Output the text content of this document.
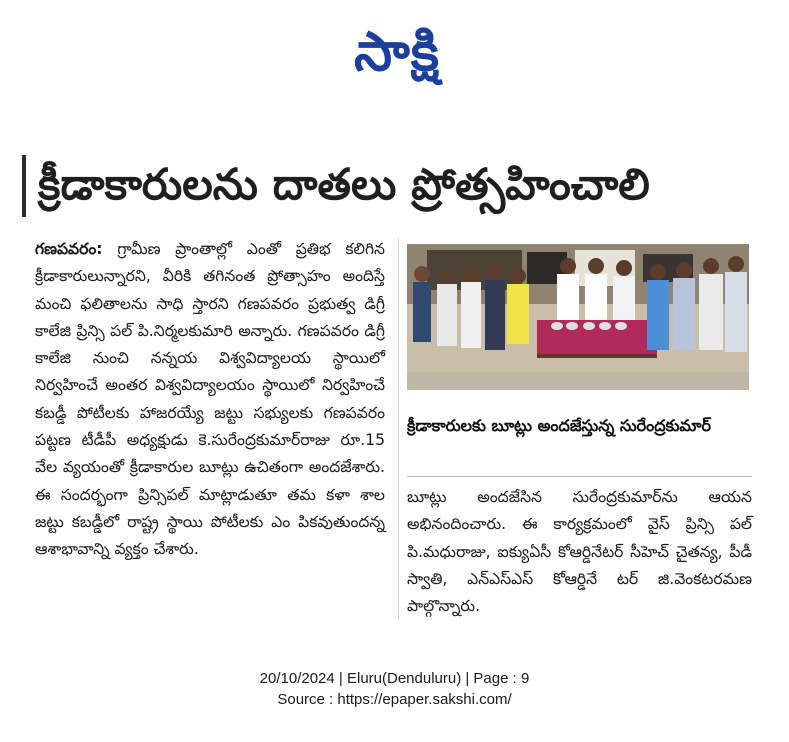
సాక్షి
క్రీడాకారులను దాతలు ప్రోత్సహించాలి
గణపవరం: గ్రామీణ ప్రాంతాల్లో ఎంతో ప్రతిభ కలిగిన క్రీడాకారులున్నారని, వీరికి తగినంత ప్రోత్సాహం అందిస్తే మంచి ఫలితాలను సాధి స్తారని గణపవరం ప్రభుత్వ డిగ్రీ కాలేజి ప్రిన్సి పల్ పి.నిర్మలకుమారి అన్నారు. గణపవరం డిగ్రీ కాలేజి నుంచి నన్నయ విశ్వవిద్యాలయ స్థాయిలో నిర్వహించే అంతర విశ్వవిద్యాలయం స్థాయిలో నిర్వహించే కబడ్డీ పోటీలకు హాజరయ్యే జట్టు సభ్యులకు గణపవరం పట్టణ టీడీపీ అధ్యక్షుడు కె.సురేంద్రకుమార్‌రాజు రూ.15 వేల వ్యయంతో క్రీడాకారుల బూట్లు ఉచితంగా అందజేశారు. ఈ సందర్భంగా ప్రిన్సిపల్ మాట్లాడుతూ తమ కళా శాల జట్టు కబడ్డీలో రాష్ట్ర స్థాయి పోటీలకు ఎం పికవుతుందన్న ఆశాభావాన్ని వ్యక్తం చేశారు.
క్రీడాకారులకు బూట్లు అందజేస్తున్న సురేంద్రకుమార్
బూట్లు అందజేసిన సురేంద్రకుమార్‌ను ఆయన అభినందించారు. ఈ కార్యక్రమంలో వైస్ ప్రిన్సి పల్ పి.మధురాజు, ఐక్యుఏసీ కోఆర్డినేటర్ సీహెచ్ చైతన్య, పీడీ స్వాతి, ఎన్ఎస్ఎస్ కోఆర్డినే టర్ జి.వెంకటరమణ పాల్గొన్నారు.
20/10/2024 | Eluru(Denduluru) | Page : 9
Source : https://epaper.sakshi.com/
